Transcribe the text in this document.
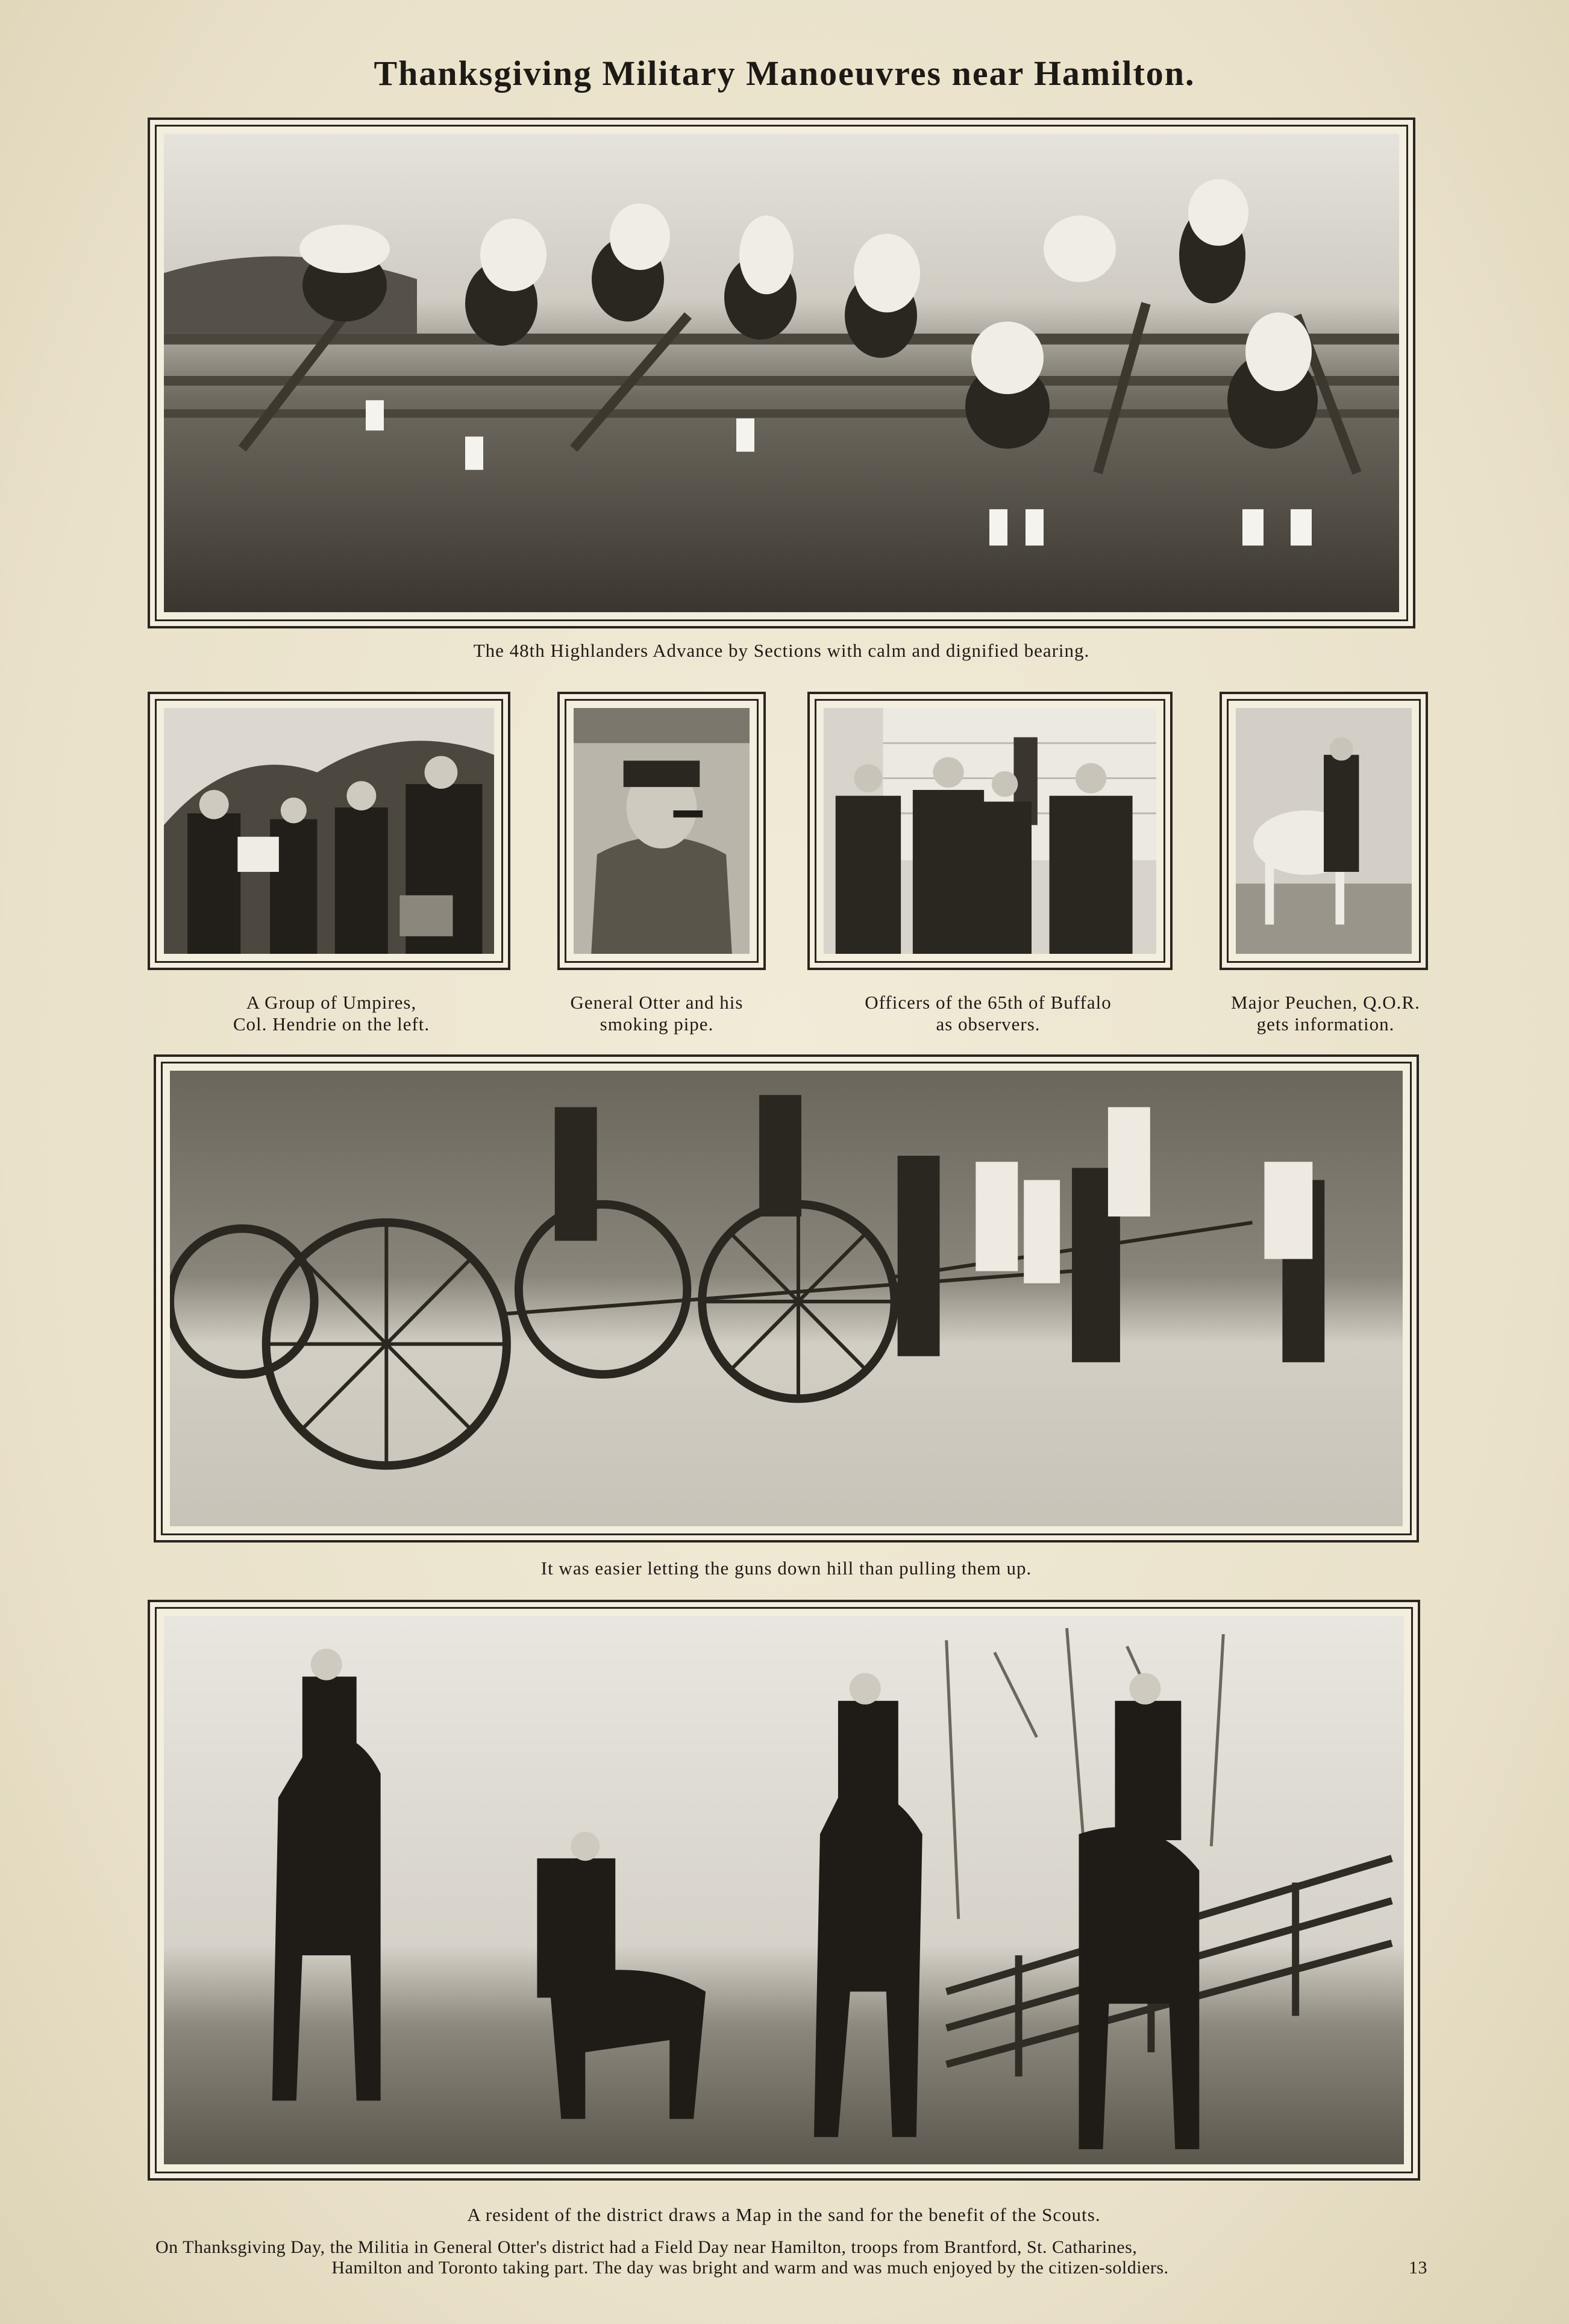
Thanksgiving Military Manoeuvres near Hamilton.
The 48th Highlanders Advance by Sections with calm and dignified bearing.
A Group of Umpires,
Col. Hendrie on the left.
General Otter and his
smoking pipe.
Officers of the 65th of Buffalo
as observers.
Major Peuchen, Q.O.R.
gets information.
It was easier letting the guns down hill than pulling them up.
A resident of the district draws a Map in the sand for the benefit of the Scouts.
On Thanksgiving Day, the Militia in General Otter's district had a Field Day near Hamilton, troops from Brantford, St. Catharines,
Hamilton and Toronto taking part. The day was bright and warm and was much enjoyed by the citizen-soldiers.	13
